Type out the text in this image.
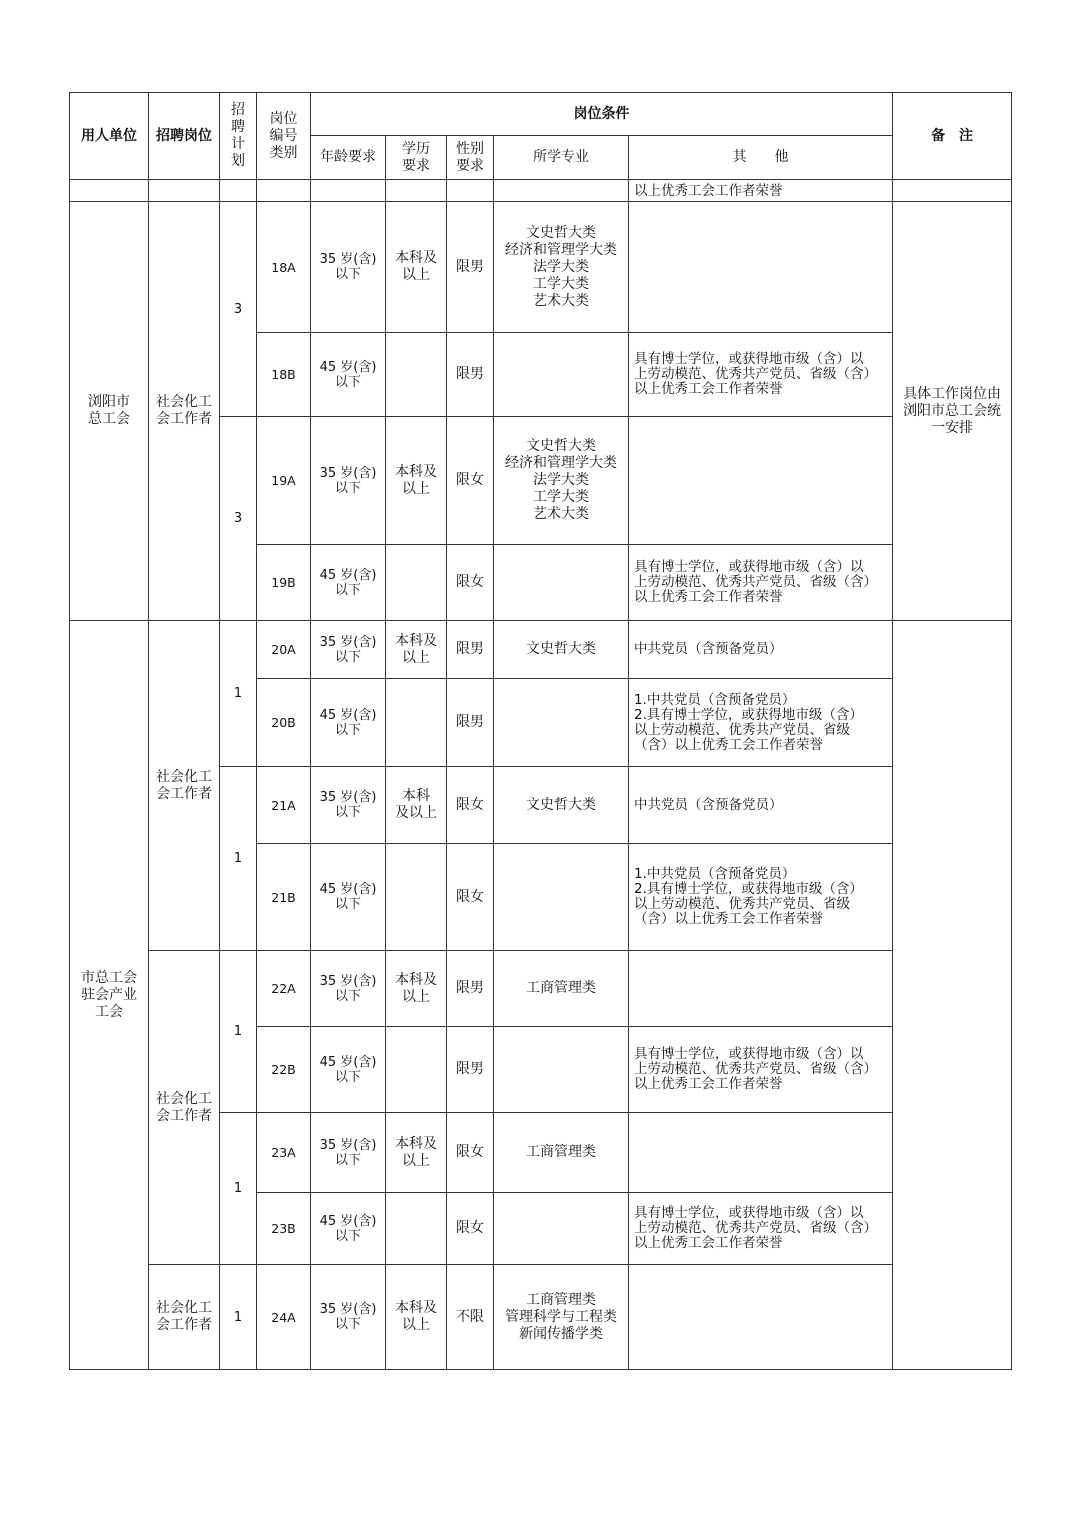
用人单位	招聘岗位	招
聘
计
划	岗位
编号
类别	岗位条件					备　注
				年龄要求	学历
要求	性别
要求	所学专业	其　　他	
								以上优秀工会工作者荣誉	
浏阳市
总工会	社会化工
会工作者	3	18A	35 岁(含)
以下	本科及
以上	限男	文史哲大类
经济和管理学大类
法学大类
工学大类
艺术大类		具体工作岗位由
浏阳市总工会统
一安排
			18B	45 岁(含)
以下		限男		具有博士学位，或获得地市级（含）以
上劳动模范、优秀共产党员、省级（含）
以上优秀工会工作者荣誉	
		3	19A	35 岁(含)
以下	本科及
以上	限女	文史哲大类
经济和管理学大类
法学大类
工学大类
艺术大类		
			19B	45 岁(含)
以下		限女		具有博士学位，或获得地市级（含）以
上劳动模范、优秀共产党员、省级（含）
以上优秀工会工作者荣誉	
市总工会
驻会产业
工会	社会化工
会工作者	1	20A	35 岁(含)
以下	本科及
以上	限男	文史哲大类	中共党员（含预备党员）	
			20B	45 岁(含)
以下		限男		1.中共党员（含预备党员）
2.具有博士学位，或获得地市级（含）
以上劳动模范、优秀共产党员、省级
（含）以上优秀工会工作者荣誉	
		1	21A	35 岁(含)
以下	本科
及以上	限女	文史哲大类	中共党员（含预备党员）	
			21B	45 岁(含)
以下		限女		1.中共党员（含预备党员）
2.具有博士学位，或获得地市级（含）
以上劳动模范、优秀共产党员、省级
（含）以上优秀工会工作者荣誉	
	社会化工
会工作者	1	22A	35 岁(含)
以下	本科及
以上	限男	工商管理类		
			22B	45 岁(含)
以下		限男		具有博士学位，或获得地市级（含）以
上劳动模范、优秀共产党员、省级（含）
以上优秀工会工作者荣誉	
		1	23A	35 岁(含)
以下	本科及
以上	限女	工商管理类		
			23B	45 岁(含)
以下		限女		具有博士学位，或获得地市级（含）以
上劳动模范、优秀共产党员、省级（含）
以上优秀工会工作者荣誉	
	社会化工
会工作者	1	24A	35 岁(含)
以下	本科及
以上	不限	工商管理类
管理科学与工程类
新闻传播学类		
